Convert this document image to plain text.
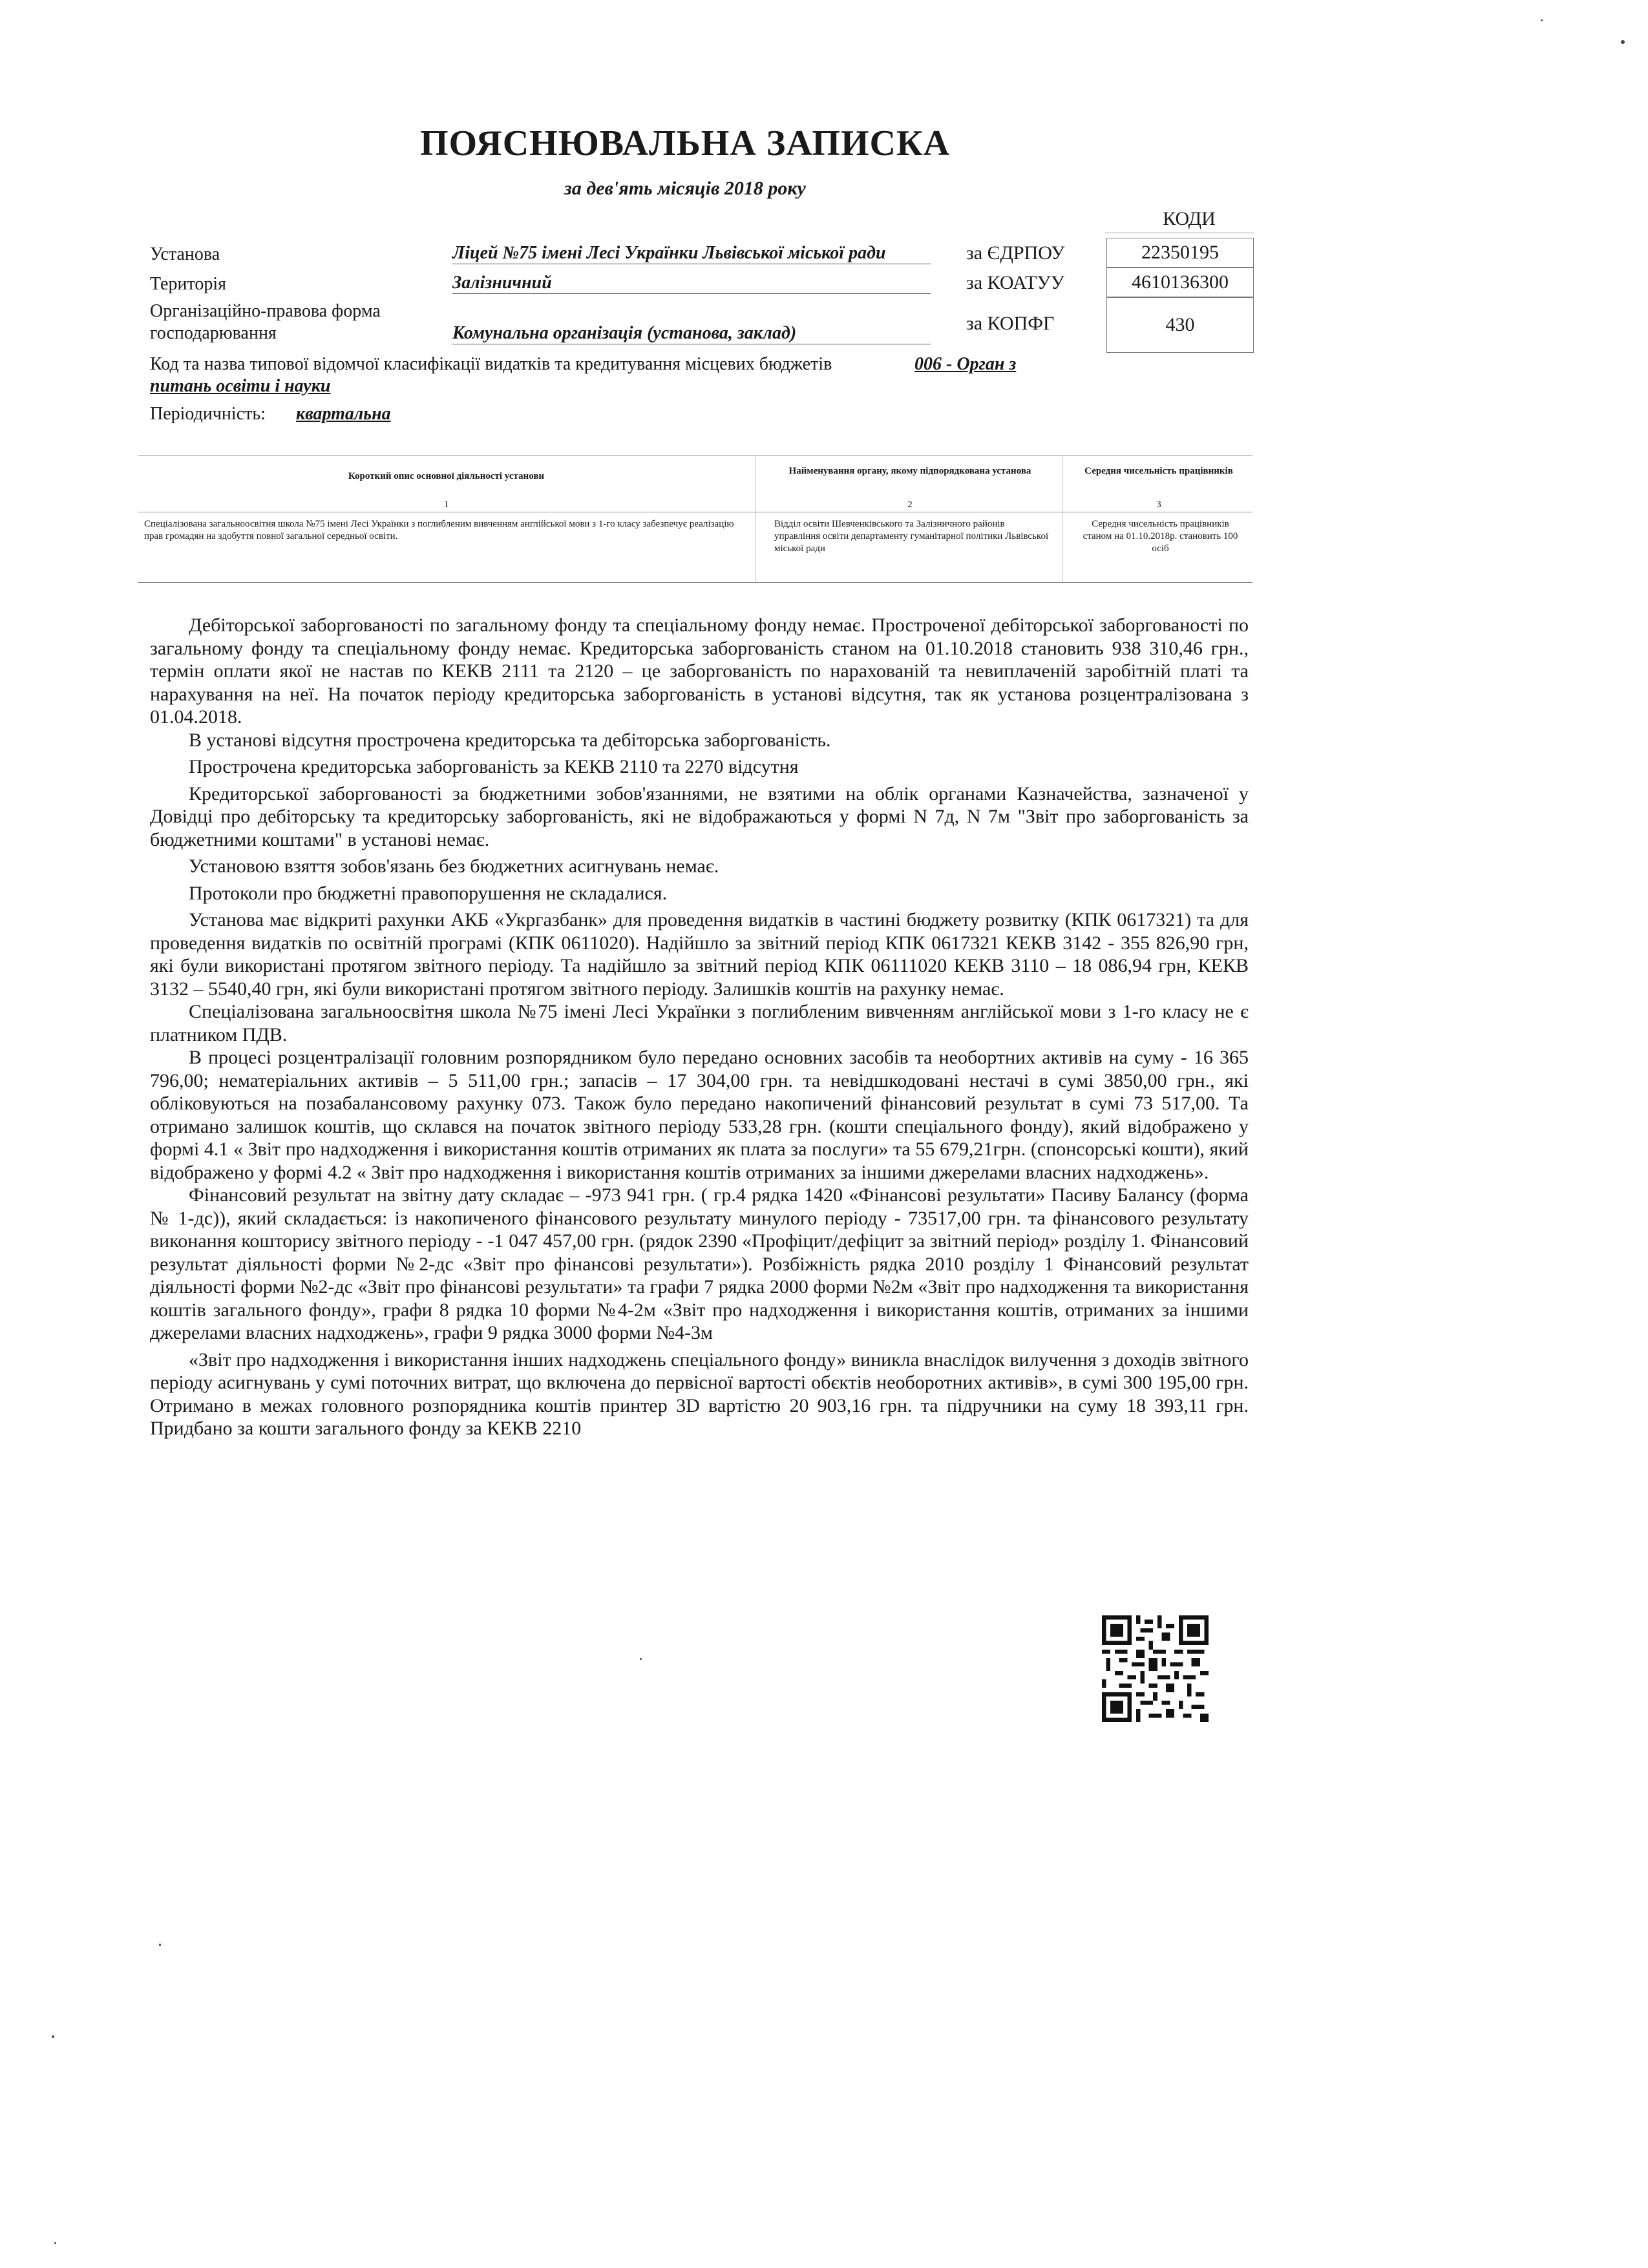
ПОЯСНЮВАЛЬНА ЗАПИСКА
за дев'ять місяців 2018 року
КОДИ
Установа	Ліцей №75 імені Лесі Українки Львівської міської ради	за ЄДРПОУ	22350195
Територія	Залізничний	за КОАТУУ	4610136300
Організаційно-правова форма
господарювання	Комунальна організація (установа, заклад)	за КОПФГ	430
Код та назва типової відомчої класифікації видатків та кредитування місцевих бюджетів	006 - Орган з
питань освіти і науки
Періодичність: квартальна
Короткий опис основної діяльності установи	Найменування органу, якому підпорядкована установа	Середня чисельність працівників
1	2	3
Спеціалізована загальноосвітня школа №75 імені Лесі Українки з поглибленим вивченням англійської мови з 1-го класу забезпечує реалізацію прав громадян на здобуття повної загальної середньої освіти.
Відділ освіти Шевченківського та Залізничного районів управління освіти департаменту гуманітарної політики Львівської міської ради
Середня чисельність працівників станом на 01.10.2018р. становить 100 осіб

Дебіторської заборгованості по загальному фонду та спеціальному фонду немає. Простроченої дебіторської заборгованості по загальному фонду та спеціальному фонду немає. Кредиторська заборгованість станом на 01.10.2018 становить 938 310,46 грн., термін оплати якої не настав по КЕКВ 2111 та 2120 – це заборгованість по нарахованій та невиплаченій заробітній платі та нарахування на неї. На початок періоду кредиторська заборгованість в установі відсутня, так як установа розцентралізована з 01.04.2018.

В установі відсутня прострочена кредиторська та дебіторська заборгованість.

Прострочена кредиторська заборгованість за КЕКВ 2110 та 2270 відсутня

Кредиторської заборгованості за бюджетними зобов'язаннями, не взятими на облік органами Казначейства, зазначеної у Довідці про дебіторську та кредиторську заборгованість, які не відображаються у формі N 7д, N 7м "Звіт про заборгованість за бюджетними коштами" в установі немає.

Установою взяття зобов'язань без бюджетних асигнувань немає.

Протоколи про бюджетні правопорушення не складалися.

Установа має відкриті рахунки АКБ «Укргазбанк» для проведення видатків в частині бюджету розвитку (КПК 0617321) та для проведення видатків по освітній програмі (КПК 0611020). Надійшло за звітний період КПК 0617321 КЕКВ 3142 - 355 826,90 грн, які були використані протягом звітного періоду. Та надійшло за звітний період КПК 06111020 КЕКВ 3110 – 18 086,94 грн, КЕКВ 3132 – 5540,40 грн, які були використані протягом звітного періоду. Залишків коштів на рахунку немає.

Спеціалізована загальноосвітня школа №75 імені Лесі Українки з поглибленим вивченням англійської мови з 1-го класу не є платником ПДВ.

В процесі розцентралізації головним розпорядником було передано основних засобів та необортних активів на суму - 16 365 796,00; нематеріальних активів – 5 511,00 грн.; запасів – 17 304,00 грн. та невідшкодовані нестачі в сумі 3850,00 грн., які обліковуються на позабалансовому рахунку 073. Також було передано накопичений фінансовий результат в сумі 73 517,00. Та отримано залишок коштів, що склався на початок звітного періоду 533,28 грн. (кошти спеціального фонду), який відображено у формі 4.1 « Звіт про надходження і використання коштів отриманих як плата за послуги» та 55 679,21грн. (спонсорські кошти), який відображено у формі 4.2 « Звіт про надходження і використання коштів отриманих за іншими джерелами власних надходжень».

Фінансовий результат на звітну дату складає – -973 941 грн. ( гр.4 рядка 1420 «Фінансові результати» Пасиву Балансу (форма № 1-дс)), який складається: із накопиченого фінансового результату минулого періоду - 73517,00 грн. та фінансового результату виконання кошторису звітного періоду - -1 047 457,00 грн. (рядок 2390 «Профіцит/дефіцит за звітний період» розділу 1. Фінансовий результат діяльності форми №2-дс «Звіт про фінансові результати»). Розбіжність рядка 2010 розділу 1 Фінансовий результат діяльності форми №2-дс «Звіт про фінансові результати» та графи 7 рядка 2000 форми №2м «Звіт про надходження та використання коштів загального фонду», графи 8 рядка 10 форми №4-2м «Звіт про надходження і використання коштів, отриманих за іншими джерелами власних надходжень», графи 9 рядка 3000 форми №4-3м

«Звіт про надходження і використання інших надходжень спеціального фонду» виникла внаслідок вилучення з доходів звітного періоду асигнувань у сумі поточних витрат, що включена до первісної вартості обєктів необоротних активів», в сумі 300 195,00 грн. Отримано в межах головного розпорядника коштів принтер 3D вартістю 20 903,16 грн. та підручники на суму 18 393,11 грн. Придбано за кошти загального фонду за КЕКВ 2210
